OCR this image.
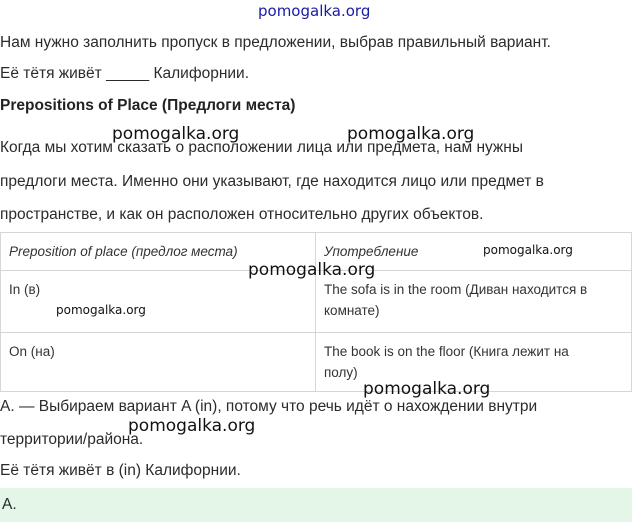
pomogalka.org
Нам нужно заполнить пропуск в предложении, выбрав правильный вариант.
Её тётя живёт _____ Калифорнии.
Prepositions of Place (Предлоги места)
Когда мы хотим сказать о расположении лица или предмета, нам нужны
предлоги места. Именно они указывают, где находится лицо или предмет в
пространстве, и как он расположен относительно других объектов.
Preposition of place (предлог места)	Употребление
In (в)	The sofa is in the room (Диван находится в
комнате)

On (на)	The book is on the floor (Книга лежит на
полу)
A. — Выбираем вариант A (in), потому что речь идёт о нахождении внутри
территории/района.
Её тётя живёт в (in) Калифорнии.
A.
pomogalka.org	pomogalka.org
pomogalka.org
pomogalka.org
pomogalka.org
pomogalka.org
pomogalka.org
